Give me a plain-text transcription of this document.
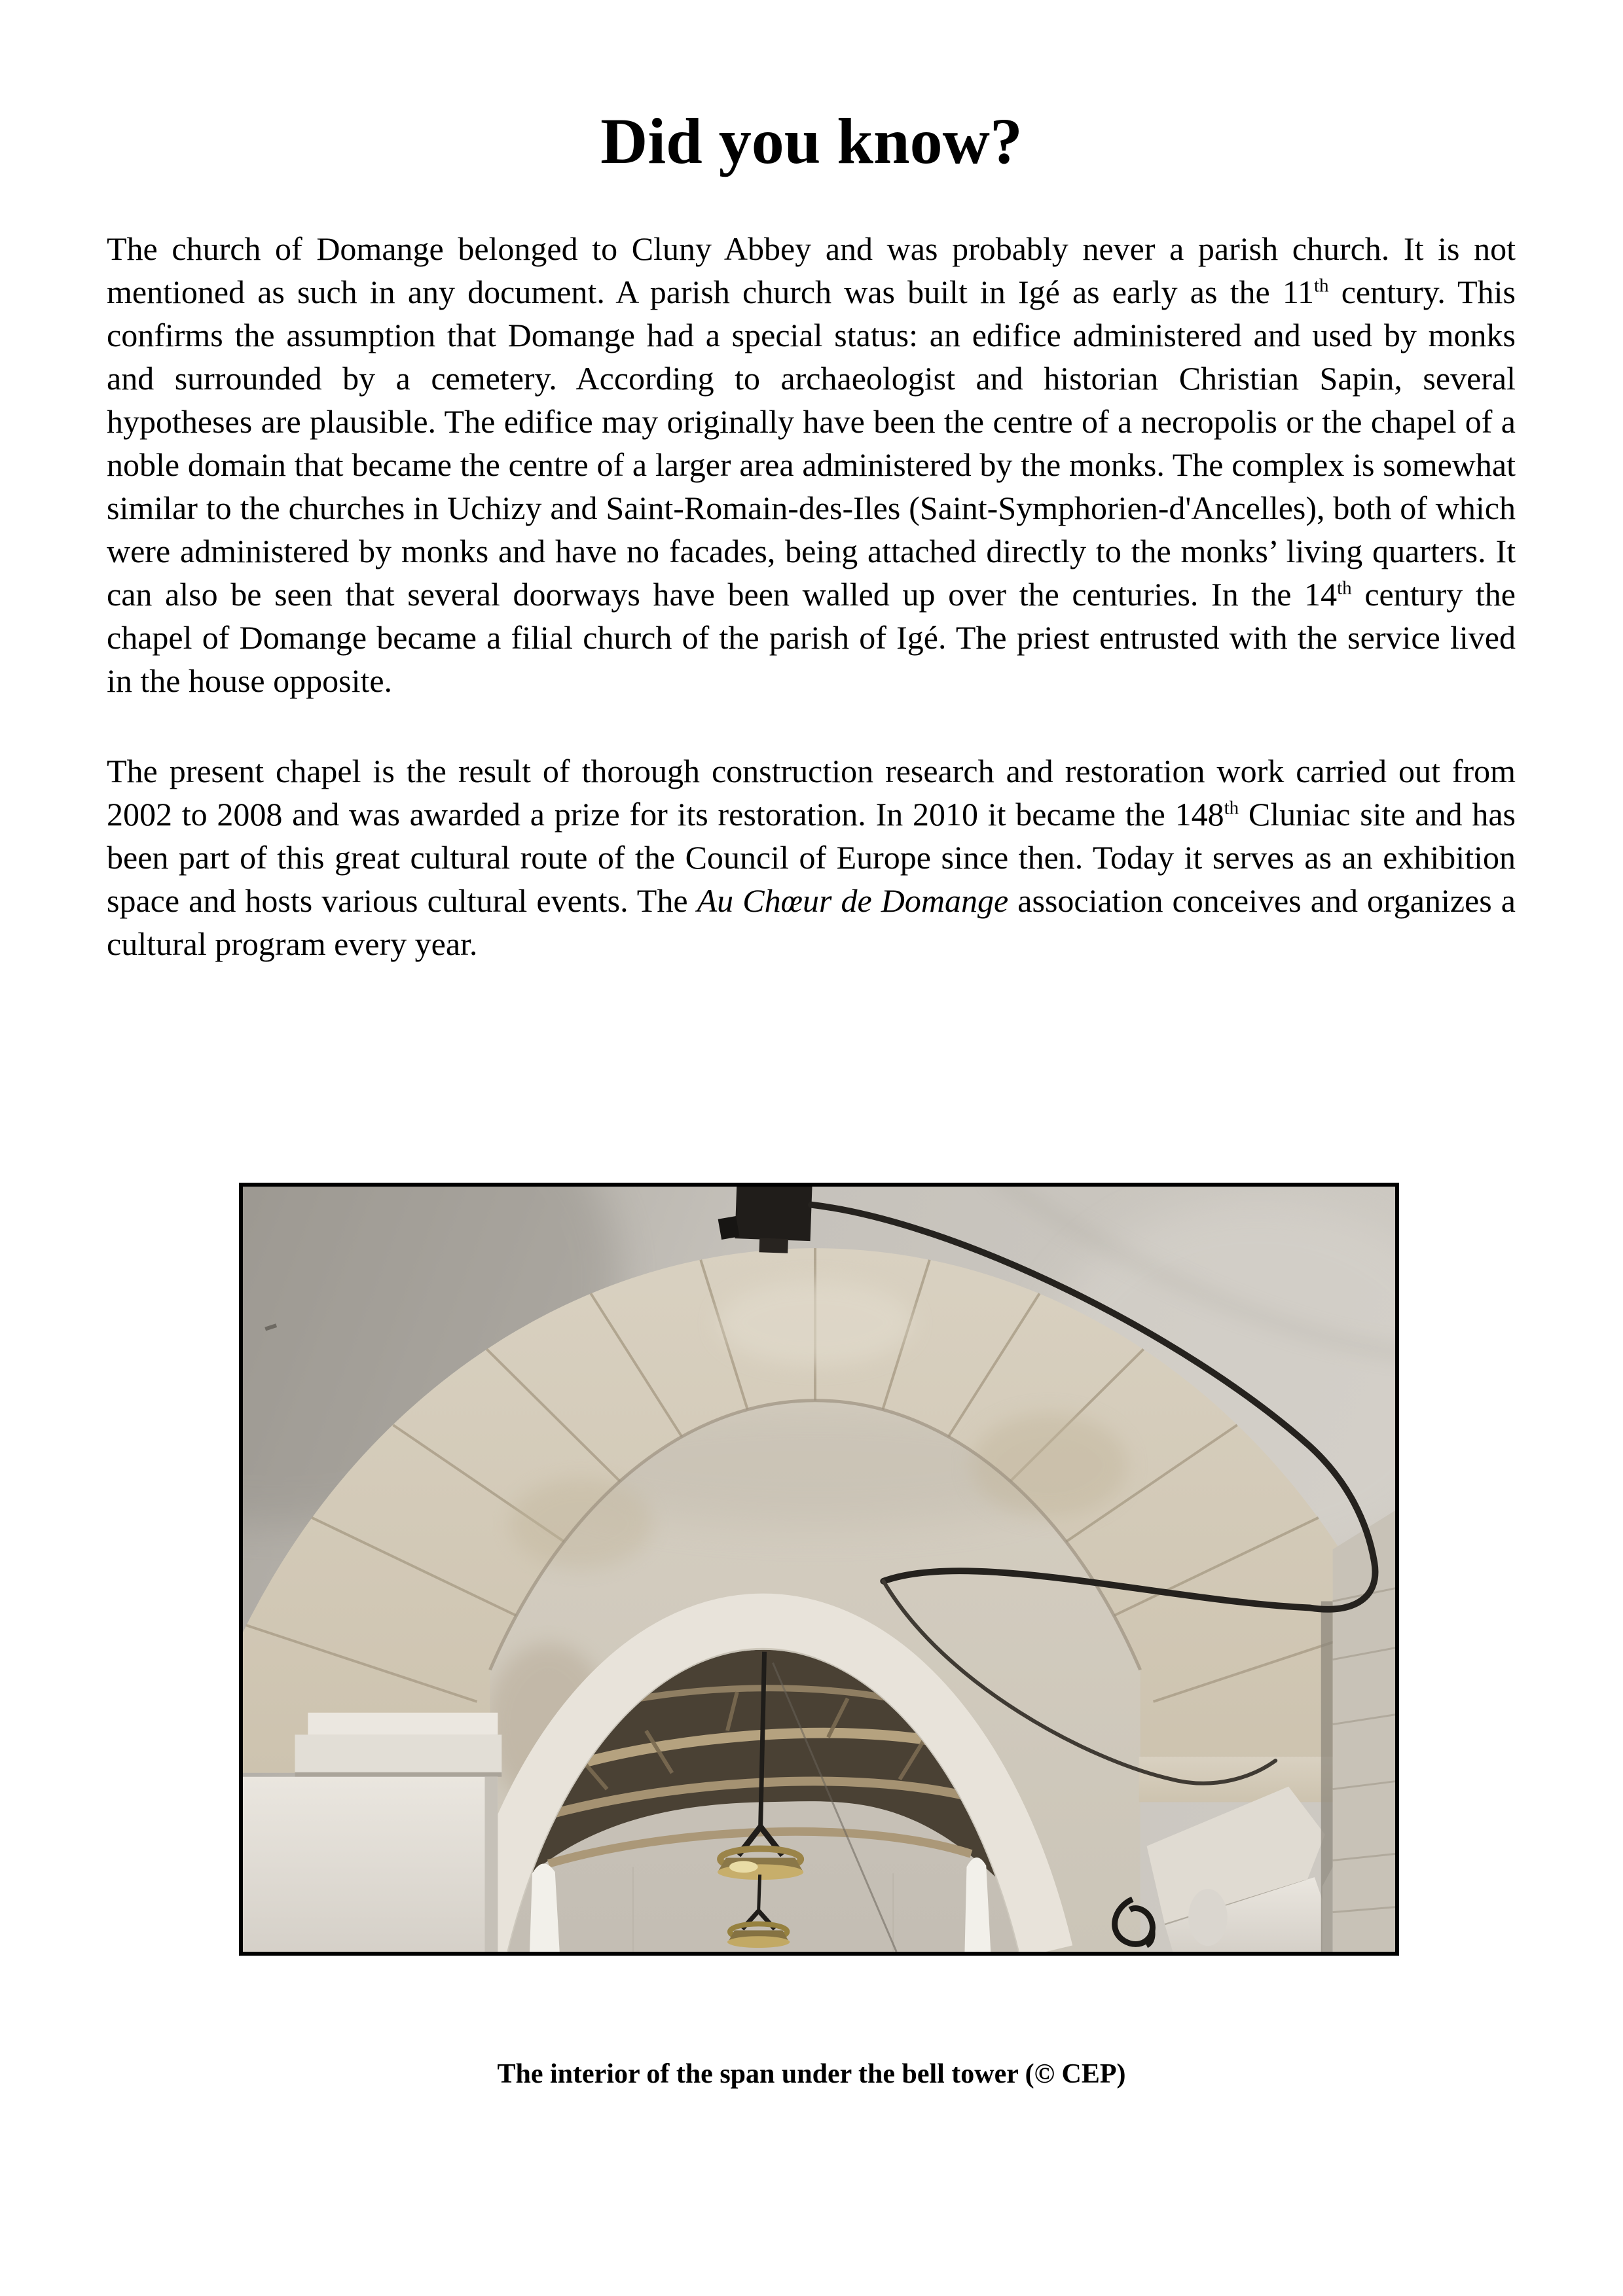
Did you know?

The church of Domange belonged to Cluny Abbey and was probably never a parish church. It is not mentioned as such in any document. A parish church was built in Igé as early as the 11th century. This confirms the assumption that Domange had a special status: an edifice administered and used by monks and surrounded by a cemetery. According to archaeologist and historian Christian Sapin, several hypotheses are plausible. The edifice may originally have been the centre of a necropolis or the chapel of a noble domain that became the centre of a larger area administered by the monks. The complex is somewhat similar to the churches in Uchizy and Saint-Romain-des-Iles (Saint-Symphorien-d'Ancelles), both of which were administered by monks and have no facades, being attached directly to the monks’ living quarters. It can also be seen that several doorways have been walled up over the centuries. In the 14th century the chapel of Domange became a filial church of the parish of Igé. The priest entrusted with the service lived in the house opposite.

The present chapel is the result of thorough construction research and restoration work carried out from 2002 to 2008 and was awarded a prize for its restoration. In 2010 it became the 148th Cluniac site and has been part of this great cultural route of the Council of Europe since then. Today it serves as an exhibition space and hosts various cultural events. The Au Chœur de Domange association conceives and organizes a cultural program every year.

The interior of the span under the bell tower (© CEP)
